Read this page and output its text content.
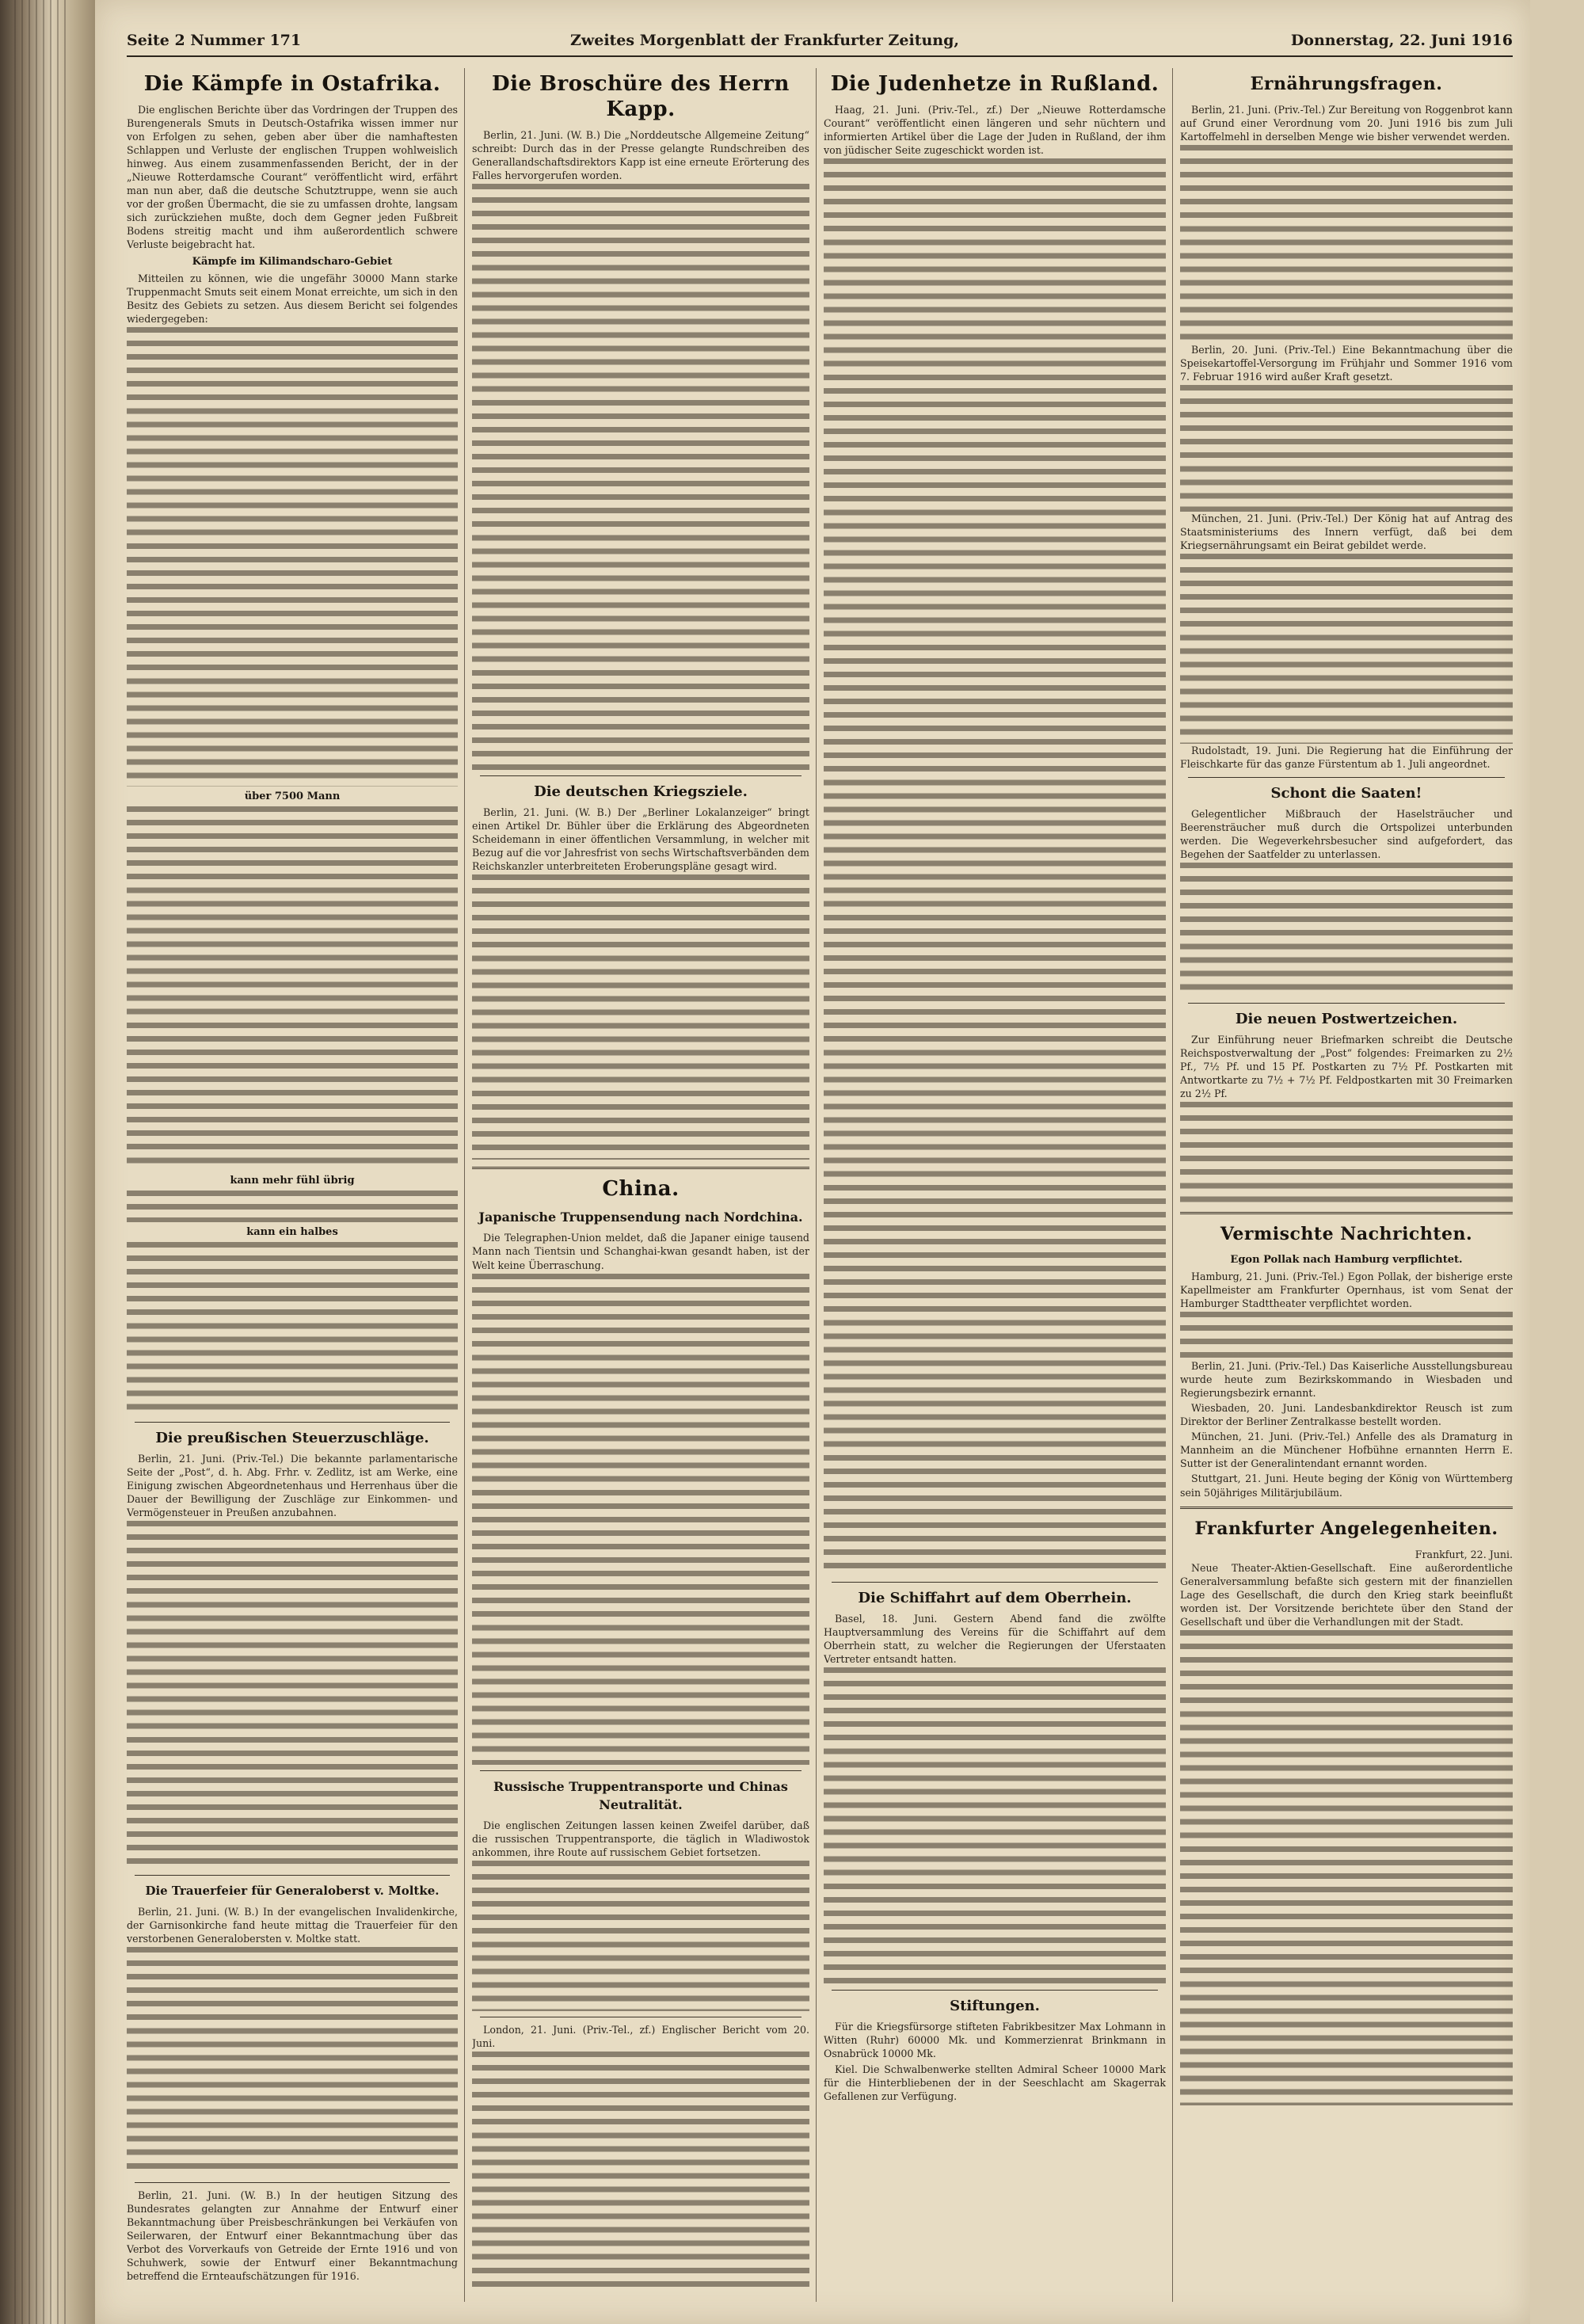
Seite 2 Nummer 171	Zweites Morgenblatt der Frankfurter Zeitung,	Donnerstag, 22. Juni 1916
Die Kämpfe in Ostafrika.

Die englischen Berichte über das Vordringen der Truppen des Burengenerals Smuts in Deutsch-Ostafrika wissen immer nur von Erfolgen zu sehen, geben aber über die namhaftesten Schlappen und Verluste der englischen Truppen wohlweislich hinweg. Aus einem zusammenfassenden Bericht, der in der „Nieuwe Rotterdamsche Courant“ veröffentlicht wird, erfährt man nun aber, daß die deutsche Schutztruppe, wenn sie auch vor der großen Übermacht, die sie zu umfassen drohte, langsam sich zurückziehen mußte, doch dem Gegner jeden Fußbreit Bodens streitig macht und ihm außerordentlich schwere Verluste beigebracht hat.

Kämpfe im Kilimandscharo-Gebiet

Mitteilen zu können, wie die ungefähr 30000 Mann starke Truppenmacht Smuts seit einem Monat erreichte, um sich in den Besitz des Gebiets zu setzen. Aus diesem Bericht sei folgendes wiedergegeben:

über 7500 Mann
kann mehr fühl übrig
kann ein halbes
Die preußischen Steuerzuschläge.

Berlin, 21. Juni. (Priv.-Tel.) Die bekannte parlamentarische Seite der „Post“, d. h. Abg. Frhr. v. Zedlitz, ist am Werke, eine Einigung zwischen Abgeordnetenhaus und Herrenhaus über die Dauer der Bewilligung der Zuschläge zur Einkommen- und Vermögensteuer in Preußen anzubahnen.

Die Trauerfeier für Generaloberst v. Moltke.

Berlin, 21. Juni. (W. B.) In der evangelischen Invalidenkirche, der Garnisonkirche fand heute mittag die Trauerfeier für den verstorbenen Generalobersten v. Moltke statt.

Berlin, 21. Juni. (W. B.) In der heutigen Sitzung des Bundesrates gelangten zur Annahme der Entwurf einer Bekanntmachung über Preisbeschränkungen bei Verkäufen von Seilerwaren, der Entwurf einer Bekanntmachung über das Verbot des Vorverkaufs von Getreide der Ernte 1916 und von Schuhwerk, sowie der Entwurf einer Bekanntmachung betreffend die Ernteaufschätzungen für 1916.

Die Broschüre des Herrn Kapp.

Berlin, 21. Juni. (W. B.) Die „Norddeutsche Allgemeine Zeitung“ schreibt: Durch das in der Presse gelangte Rundschreiben des Generallandschaftsdirektors Kapp ist eine erneute Erörterung des Falles hervorgerufen worden.

Die deutschen Kriegsziele.

Berlin, 21. Juni. (W. B.) Der „Berliner Lokalanzeiger“ bringt einen Artikel Dr. Bühler über die Erklärung des Abgeordneten Scheidemann in einer öffentlichen Versammlung, in welcher mit Bezug auf die vor Jahresfrist von sechs Wirtschaftsverbänden dem Reichskanzler unterbreiteten Eroberungspläne gesagt wird.

China.
Japanische Truppensendung nach Nordchina.

Die Telegraphen-Union meldet, daß die Japaner einige tausend Mann nach Tientsin und Schanghai-kwan gesandt haben, ist der Welt keine Überraschung.

Russische Truppentransporte und Chinas Neutralität.

Die englischen Zeitungen lassen keinen Zweifel darüber, daß die russischen Truppentransporte, die täglich in Wladiwostok ankommen, ihre Route auf russischem Gebiet fortsetzen.

London, 21. Juni. (Priv.-Tel., zf.) Englischer Bericht vom 20. Juni.

Die Judenhetze in Rußland.

Haag, 21. Juni. (Priv.-Tel., zf.) Der „Nieuwe Rotterdamsche Courant“ veröffentlicht einen längeren und sehr nüchtern und informierten Artikel über die Lage der Juden in Rußland, der ihm von jüdischer Seite zugeschickt worden ist.

Die Schiffahrt auf dem Oberrhein.

Basel, 18. Juni. Gestern Abend fand die zwölfte Hauptversammlung des Vereins für die Schiffahrt auf dem Oberrhein statt, zu welcher die Regierungen der Uferstaaten Vertreter entsandt hatten.

Stiftungen.

Für die Kriegsfürsorge stifteten Fabrikbesitzer Max Lohmann in Witten (Ruhr) 60000 Mk. und Kommerzienrat Brinkmann in Osnabrück 10000 Mk.

Kiel. Die Schwalbenwerke stellten Admiral Scheer 10000 Mark für die Hinterbliebenen der in der Seeschlacht am Skagerrak Gefallenen zur Verfügung.

Ernährungsfragen.

Berlin, 21. Juni. (Priv.-Tel.) Zur Bereitung von Roggenbrot kann auf Grund einer Verordnung vom 20. Juni 1916 bis zum Juli Kartoffelmehl in derselben Menge wie bisher verwendet werden.

Berlin, 20. Juni. (Priv.-Tel.) Eine Bekanntmachung über die Speisekartoffel-Versorgung im Frühjahr und Sommer 1916 vom 7. Februar 1916 wird außer Kraft gesetzt.

München, 21. Juni. (Priv.-Tel.) Der König hat auf Antrag des Staatsministeriums des Innern verfügt, daß bei dem Kriegsernährungsamt ein Beirat gebildet werde.

Rudolstadt, 19. Juni. Die Regierung hat die Einführung der Fleischkarte für das ganze Fürstentum ab 1. Juli angeordnet.

Schont die Saaten!

Gelegentlicher Mißbrauch der Haselsträucher und Beerensträucher muß durch die Ortspolizei unterbunden werden. Die Wegeverkehrsbesucher sind aufgefordert, das Begehen der Saatfelder zu unterlassen.

Die neuen Postwertzeichen.

Zur Einführung neuer Briefmarken schreibt die Deutsche Reichspostverwaltung der „Post“ folgendes: Freimarken zu 2½ Pf., 7½ Pf. und 15 Pf. Postkarten zu 7½ Pf. Postkarten mit Antwortkarte zu 7½ + 7½ Pf. Feldpostkarten mit 30 Freimarken zu 2½ Pf.

Vermischte Nachrichten.
Egon Pollak nach Hamburg verpflichtet.

Hamburg, 21. Juni. (Priv.-Tel.) Egon Pollak, der bisherige erste Kapellmeister am Frankfurter Opernhaus, ist vom Senat der Hamburger Stadttheater verpflichtet worden.

Berlin, 21. Juni. (Priv.-Tel.) Das Kaiserliche Ausstellungsbureau wurde heute zum Bezirkskommando in Wiesbaden und Regierungsbezirk ernannt.

Wiesbaden, 20. Juni. Landesbankdirektor Reusch ist zum Direktor der Berliner Zentralkasse bestellt worden.

München, 21. Juni. (Priv.-Tel.) Anfelle des als Dramaturg in Mannheim an die Münchener Hofbühne ernannten Herrn E. Sutter ist der Generalintendant ernannt worden.

Stuttgart, 21. Juni. Heute beging der König von Württemberg sein 50jähriges Militärjubiläum.

Frankfurter Angelegenheiten.
Frankfurt, 22. Juni.

Neue Theater-Aktien-Gesellschaft. Eine außerordentliche Generalversammlung befaßte sich gestern mit der finanziellen Lage des Gesellschaft, die durch den Krieg stark beeinflußt worden ist. Der Vorsitzende berichtete über den Stand der Gesellschaft und über die Verhandlungen mit der Stadt.
